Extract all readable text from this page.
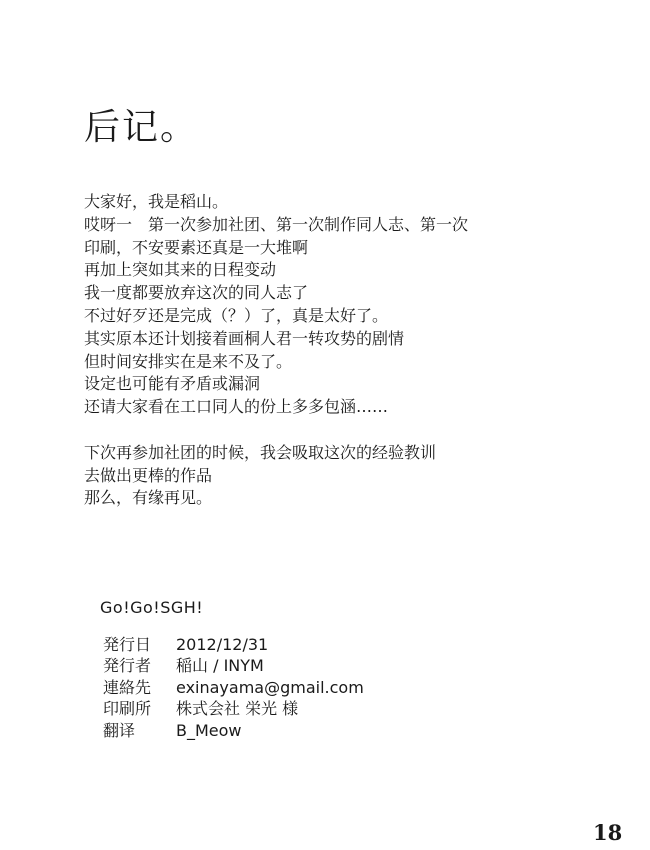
后记。
大家好，我是稻山。
哎呀一　第一次参加社团、第一次制作同人志、第一次
印刷，不安要素还真是一大堆啊
再加上突如其来的日程变动
我一度都要放弃这次的同人志了
不过好歹还是完成（？）了，真是太好了。
其实原本还计划接着画桐人君一转攻势的剧情
但时间安排实在是来不及了。
设定也可能有矛盾或漏洞
还请大家看在工口同人的份上多多包涵……
下次再参加社团的时候，我会吸取这次的经验教训
去做出更棒的作品
那么，有缘再见。
Go!Go!SGH!
発行日	2012/12/31
発行者	稲山 / INYM
連絡先	exinayama@gmail.com
印刷所	株式会社 栄光 様
翻译	B_Meow
18
